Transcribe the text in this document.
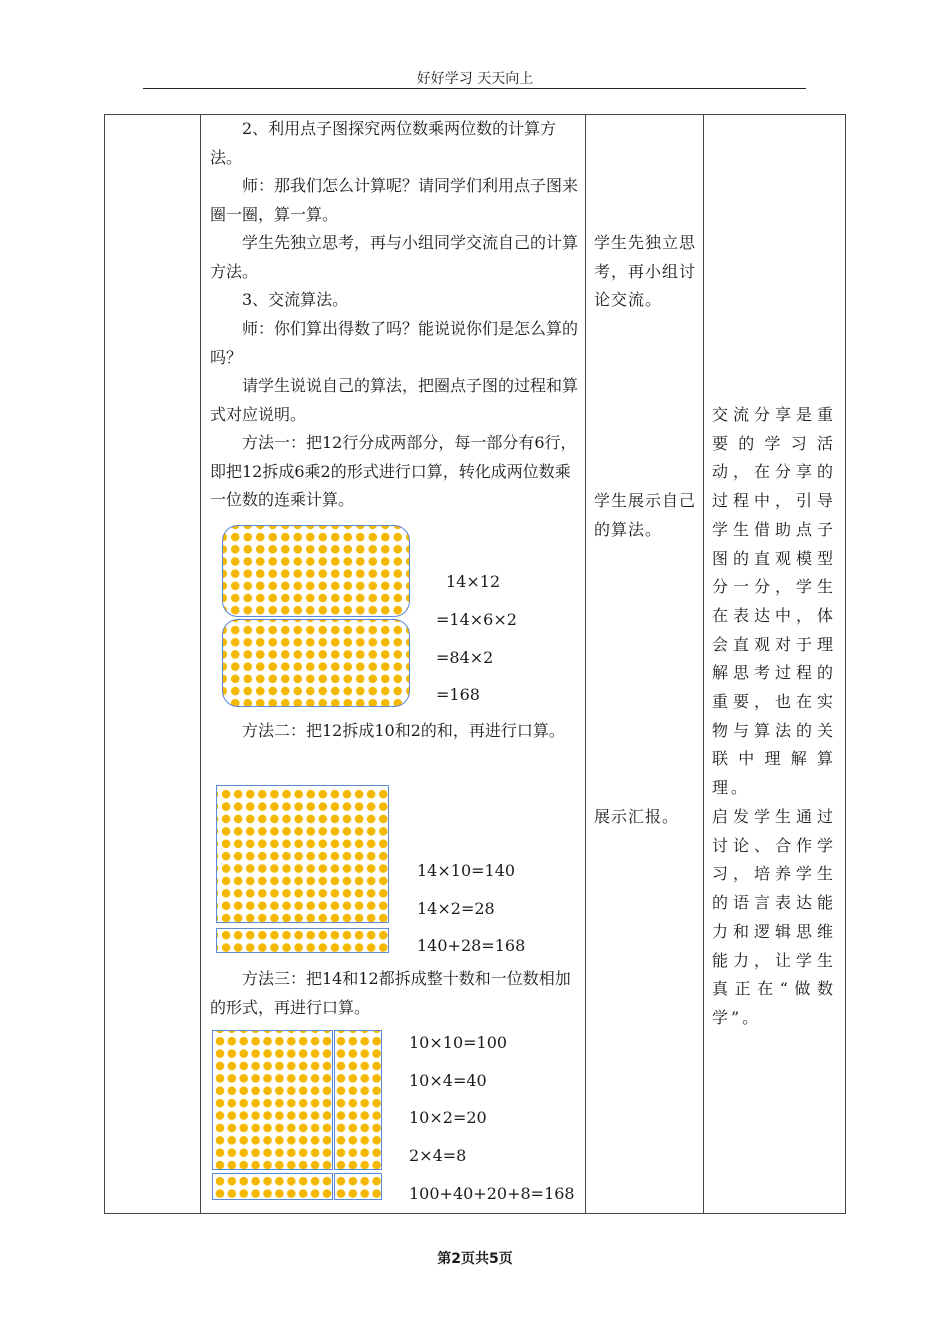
好好学习 天天向上

2、利用点子图探究两位数乘两位数的计算方法。

师：那我们怎么计算呢？请同学们利用点子图来圈一圈，算一算。

学生先独立思考，再与小组同学交流自己的计算方法。

3、交流算法。

师：你们算出得数了吗？能说说你们是怎么算的吗？

请学生说说自己的算法，把圈点子图的过程和算式对应说明。

方法一：把12行分成两部分，每一部分有6行，即把12拆成6乘2的形式进行口算，转化成两位数乘一位数的连乘计算。

14×12
=14×6×2
=84×2
=168

方法二：把12拆成10和2的和，再进行口算。

14×10=140
14×2=28
140+28=168

方法三：把14和12都拆成整十数和一位数相加的形式，再进行口算。

10×10=100
10×4=40
10×2=20
2×4=8
100+40+20+8=168

学生先独立思考，再小组讨论交流。

学生展示自己的算法。

展示汇报。

交流分享是重要的学习活动，在分享的过程中，引导学生借助点子图的直观模型分一分，学生在表达中，体会直观对于理解思考过程的重要，也在实物与算法的关联中理解算理。

启发学生通过讨论、合作学习，培养学生的语言表达能力和逻辑思维能力，让学生真正在“做数学”。

第2页共5页
